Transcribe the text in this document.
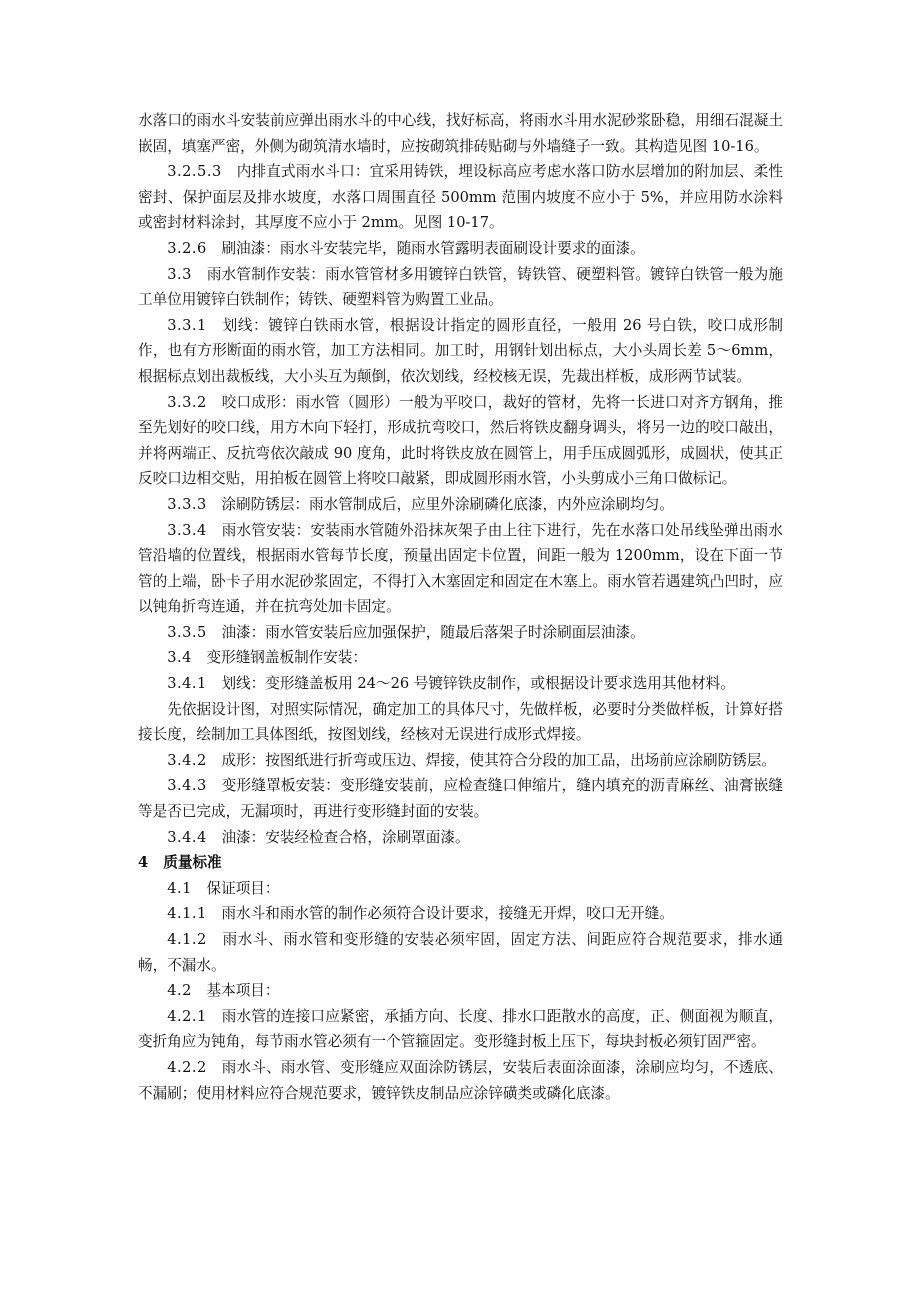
水落口的雨水斗安装前应弹出雨水斗的中心线，找好标高，将雨水斗用水泥砂浆卧稳，用细石混凝土嵌固，填塞严密，外侧为砌筑清水墙时，应按砌筑排砖贴砌与外墙缝子一致。其构造见图 10-16。

3.2.5.3　 内排直式雨水斗口：宜采用铸铁，埋设标高应考虑水落口防水层增加的附加层、柔性密封、保护面层及排水坡度，水落口周围直径 500mm 范围内坡度不应小于 5%，并应用防水涂料或密封材料涂封，其厚度不应小于 2mm。见图 10-17。

3.2.6　 刷油漆：雨水斗安装完毕，随雨水管露明表面刷设计要求的面漆。

3.3　 雨水管制作安装：雨水管管材多用镀锌白铁管，铸铁管、硬塑料管。镀锌白铁管一般为施工单位用镀锌白铁制作；铸铁、硬塑料管为购置工业品。

3.3.1　 划线：镀锌白铁雨水管，根据设计指定的圆形直径，一般用 26 号白铁，咬口成形制作，也有方形断面的雨水管，加工方法相同。加工时，用钢针划出标点，大小头周长差 5～6mm，根据标点划出裁板线，大小头互为颠倒，依次划线，经校核无误，先裁出样板，成形两节试装。

3.3.2　 咬口成形：雨水管（圆形）一般为平咬口，裁好的管材，先将一长进口对齐方钢角，推至先划好的咬口线，用方木向下轻打，形成抗弯咬口，然后将铁皮翻身调头，将另一边的咬口敲出，并将两端正、反抗弯依次敲成 90 度角，此时将铁皮放在圆管上，用手压成圆弧形，成圆状，使其正反咬口边相交贴，用拍板在圆管上将咬口敲紧，即成圆形雨水管，小头剪成小三角口做标记。

3.3.3　 涂刷防锈层：雨水管制成后，应里外涂刷磷化底漆，内外应涂刷均匀。

3.3.4　 雨水管安装：安装雨水管随外沿抹灰架子由上往下进行，先在水落口处吊线坠弹出雨水管沿墙的位置线，根据雨水管每节长度，预量出固定卡位置，间距一般为 1200mm，设在下面一节管的上端，卧卡子用水泥砂浆固定，不得打入木塞固定和固定在木塞上。雨水管若遇建筑凸凹时，应以钝角折弯连通，并在抗弯处加卡固定。

3.3.5　 油漆：雨水管安装后应加强保护，随最后落架子时涂刷面层油漆。

3.4　 变形缝钢盖板制作安装：

3.4.1　 划线：变形缝盖板用 24～26 号镀锌铁皮制作，或根据设计要求选用其他材料。

先依据设计图，对照实际情况，确定加工的具体尺寸，先做样板，必要时分类做样板，计算好搭接长度，绘制加工具体图纸，按图划线，经核对无误进行成形式焊接。

3.4.2　 成形：按图纸进行折弯或压边、焊接，使其符合分段的加工品，出场前应涂刷防锈层。

3.4.3　 变形缝罩板安装：变形缝安装前，应检查缝口伸缩片，缝内填充的沥青麻丝、油膏嵌缝等是否已完成，无漏项时，再进行变形缝封面的安装。

3.4.4　 油漆：安装经检查合格，涂刷罩面漆。

4　 质量标准

4.1　 保证项目：

4.1.1　 雨水斗和雨水管的制作必须符合设计要求，接缝无开焊，咬口无开缝。

4.1.2　 雨水斗、雨水管和变形缝的安装必须牢固，固定方法、间距应符合规范要求，排水通畅，不漏水。

4.2　 基本项目：

4.2.1　 雨水管的连接口应紧密，承插方向、长度、排水口距散水的高度，正、侧面视为顺直，变折角应为钝角，每节雨水管必须有一个管箍固定。变形缝封板上压下，每块封板必须钉固严密。

4.2.2　 雨水斗、雨水管、变形缝应双面涂防锈层，安装后表面涂面漆，涂刷应均匀，不透底、不漏刷；使用材料应符合规范要求，镀锌铁皮制品应涂锌磺类或磷化底漆。
